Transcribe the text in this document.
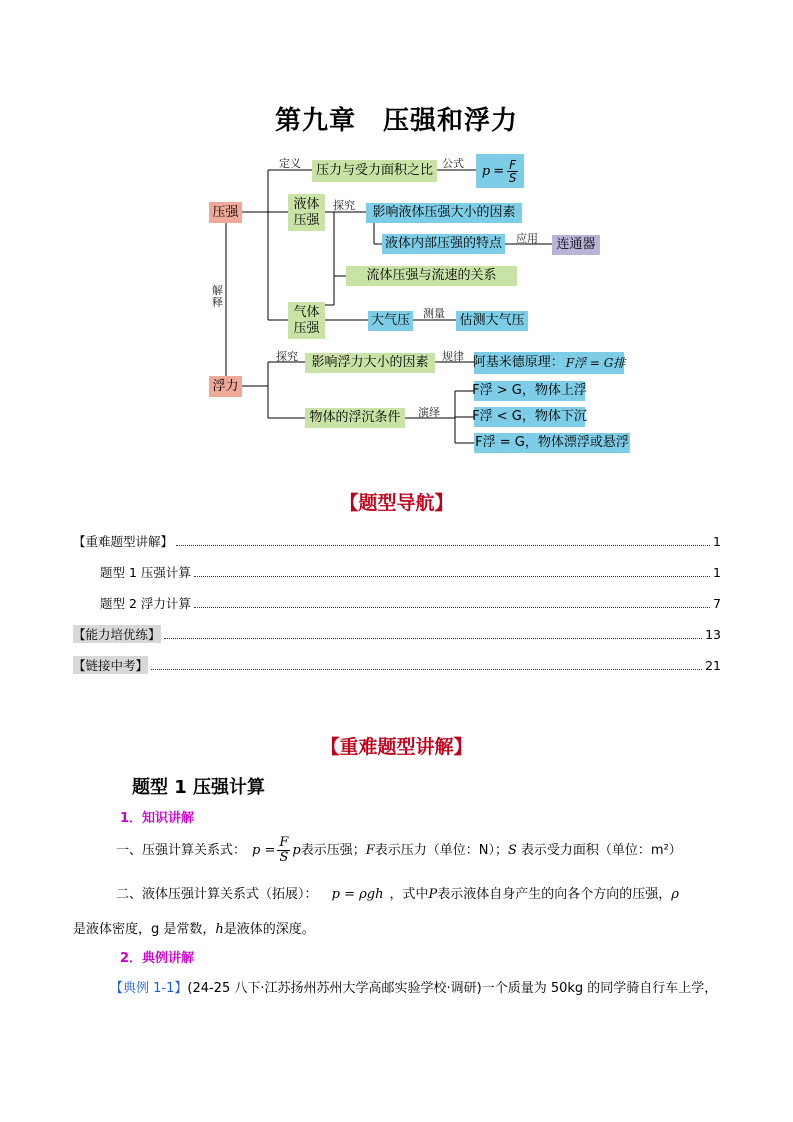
第九章　压强和浮力
压强
浮力
压力与受力面积之比	$p = \frac{F}{S}$
液体
压强	影响液体压强大小的因素
液体内部压强的特点	连通器
流体压强与流速的关系
气体
压强	大气压	估测大气压
影响浮力大小的因素	阿基米德原理： F浮 = G排
物体的浮沉条件
F浮 > G，物体上浮
F浮 < G，物体下沉
F浮 = G，物体漂浮或悬浮
定义	公式
探究
应用
测量
解释
探究	规律
演绎
【题型导航】
【重难题型讲解】	1
题型 1 压强计算	1
题型 2 浮力计算	7
【能力培优练】	13
【链接中考】	21
【重难题型讲解】
题型 1 压强计算
1．知识讲解
一、压强计算关系式： $p = \frac{F}{S}$ p 表示压强； F 表示压力（单位：N）； S 表示受力面积（单位：m²）
二、液体压强计算关系式（拓展）： p = ρgh ，式中P表示液体自身产生的向各个方向的压强，ρ
是液体密度，g 是常数，h是液体的深度。
2．典例讲解
【典例 1-1】(24-25 八下·江苏扬州苏州大学高邮实验学校·调研)一个质量为 50kg 的同学骑自行车上学，
